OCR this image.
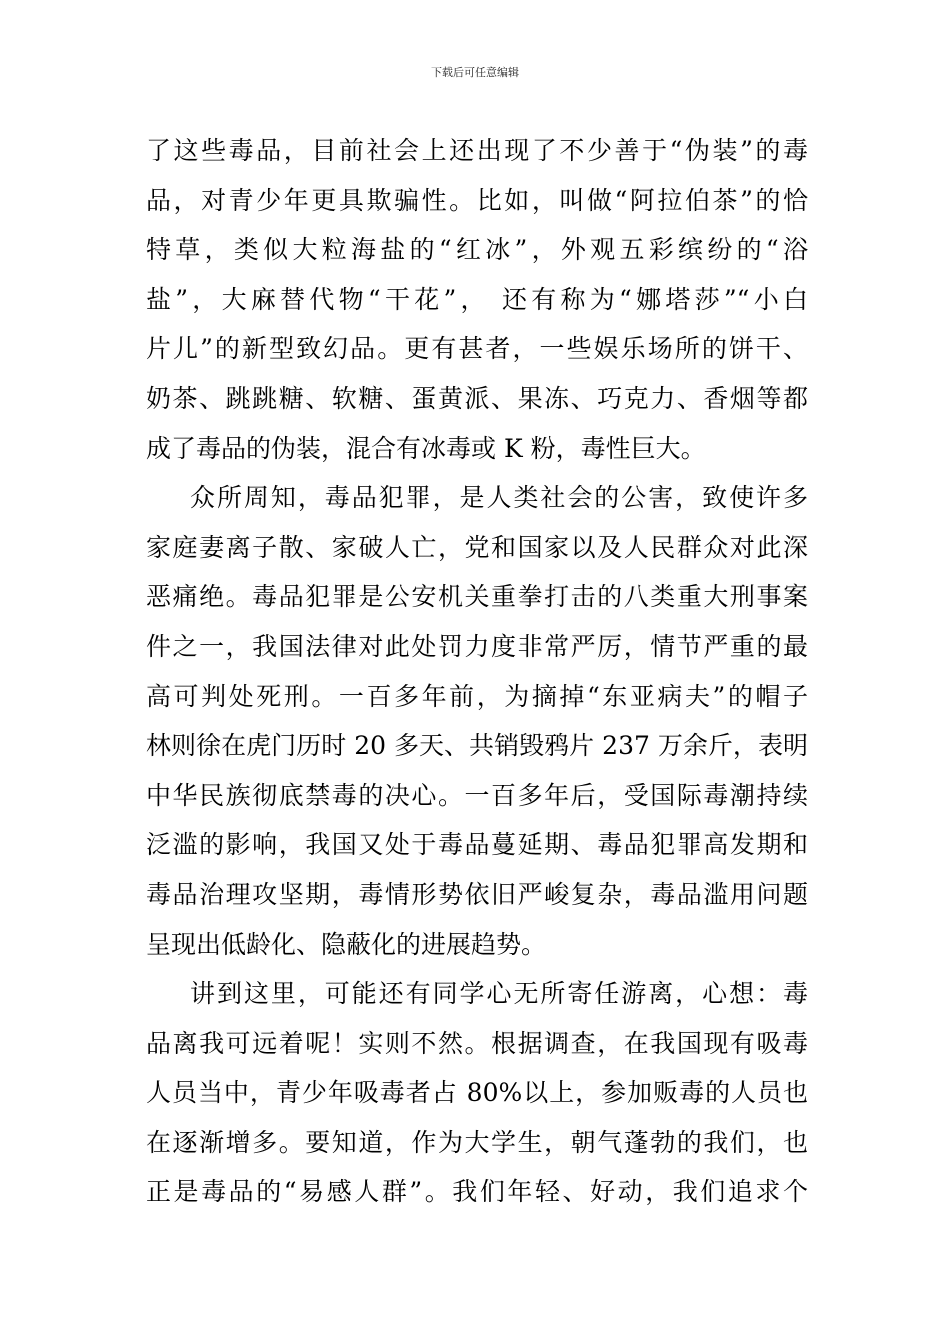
下载后可任意编辑
了这些毒品，目前社会上还出现了不少善于“伪装”的毒
品，对青少年更具欺骗性。比如，叫做“阿拉伯茶”的恰
特草，类似大粒海盐的“红冰”，外观五彩缤纷的“浴
盐”，大麻替代物“干花”， 还有称为“娜塔莎”“小白
片儿”的新型致幻品。更有甚者，一些娱乐场所的饼干、
奶茶、跳跳糖、软糖、蛋黄派、果冻、巧克力、香烟等都
成了毒品的伪装，混合有冰毒或 K 粉，毒性巨大。
众所周知，毒品犯罪，是人类社会的公害，致使许多
家庭妻离子散、家破人亡，党和国家以及人民群众对此深
恶痛绝。毒品犯罪是公安机关重拳打击的八类重大刑事案
件之一，我国法律对此处罚力度非常严厉，情节严重的最
高可判处死刑。一百多年前，为摘掉“东亚病夫”的帽子
林则徐在虎门历时 20 多天、共销毁鸦片 237 万余斤，表明
中华民族彻底禁毒的决心。一百多年后，受国际毒潮持续
泛滥的影响，我国又处于毒品蔓延期、毒品犯罪高发期和
毒品治理攻坚期，毒情形势依旧严峻复杂，毒品滥用问题
呈现出低龄化、隐蔽化的进展趋势。
讲到这里，可能还有同学心无所寄任游离，心想：毒
品离我可远着呢！实则不然。根据调查，在我国现有吸毒
人员当中，青少年吸毒者占 80%以上，参加贩毒的人员也
在逐渐增多。要知道，作为大学生，朝气蓬勃的我们，也
正是毒品的“易感人群”。我们年轻、好动，我们追求个
